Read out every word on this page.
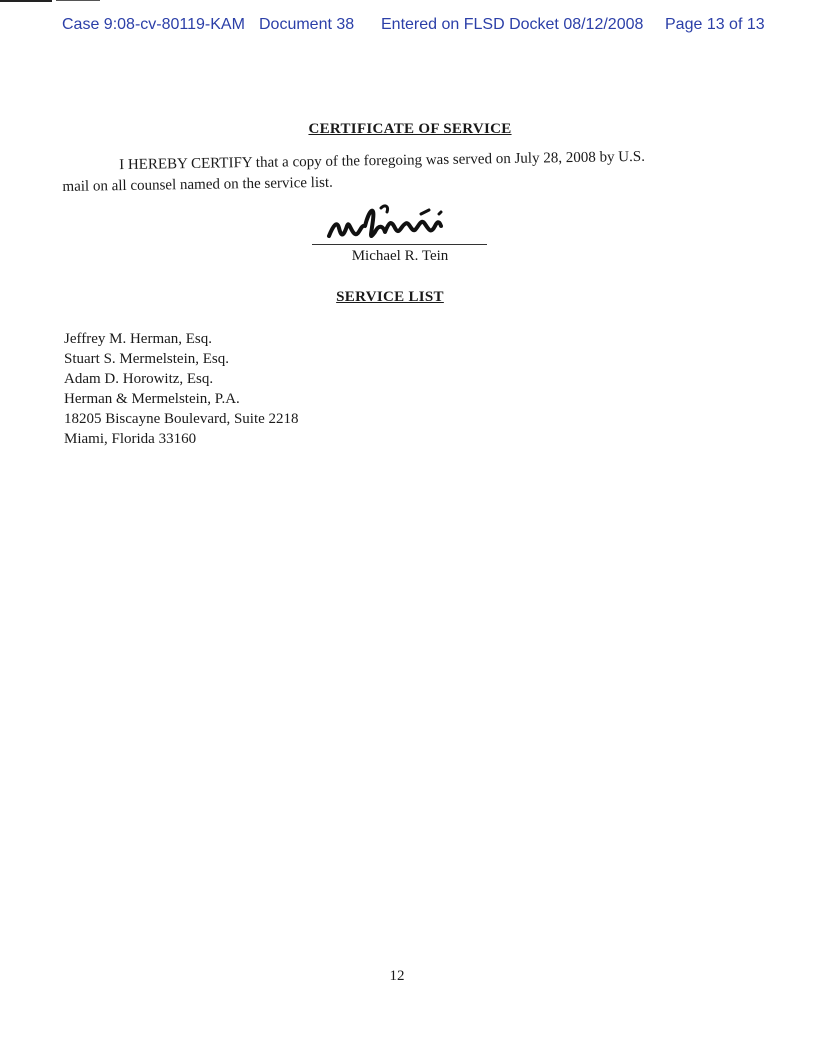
Case 9:08-cv-80119-KAM Document 38 Entered on FLSD Docket 08/12/2008 Page 13 of 13
CERTIFICATE OF SERVICE
I HEREBY CERTIFY that a copy of the foregoing was served on July 28, 2008 by U.S.
mail on all counsel named on the service list.
Michael R. Tein
SERVICE LIST
Jeffrey M. Herman, Esq.
Stuart S. Mermelstein, Esq.
Adam D. Horowitz, Esq.
Herman & Mermelstein, P.A.
18205 Biscayne Boulevard, Suite 2218
Miami, Florida 33160
12
